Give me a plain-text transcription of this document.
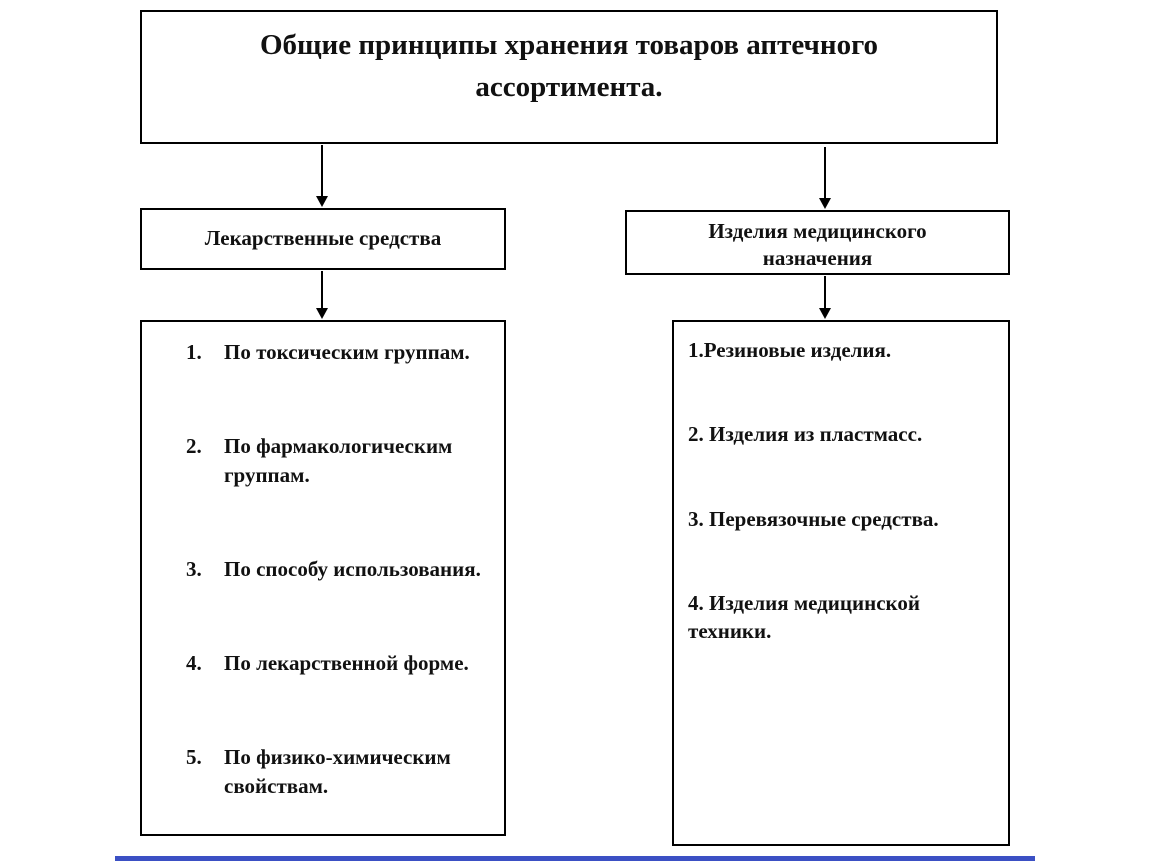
Общие принципы хранения товаров аптечного ассортимента.
Лекарственные средства	Изделия медицинского назначения
1.	По токсическим группам.
2.	По фармакологическим группам.
3.	По способу использования.
4.	По лекарственной форме.
5.	По физико-химическим свойствам.
1.Резиновые изделия.
2. Изделия из пластмасс.
3. Перевязочные средства.
4. Изделия медицинской техники.
